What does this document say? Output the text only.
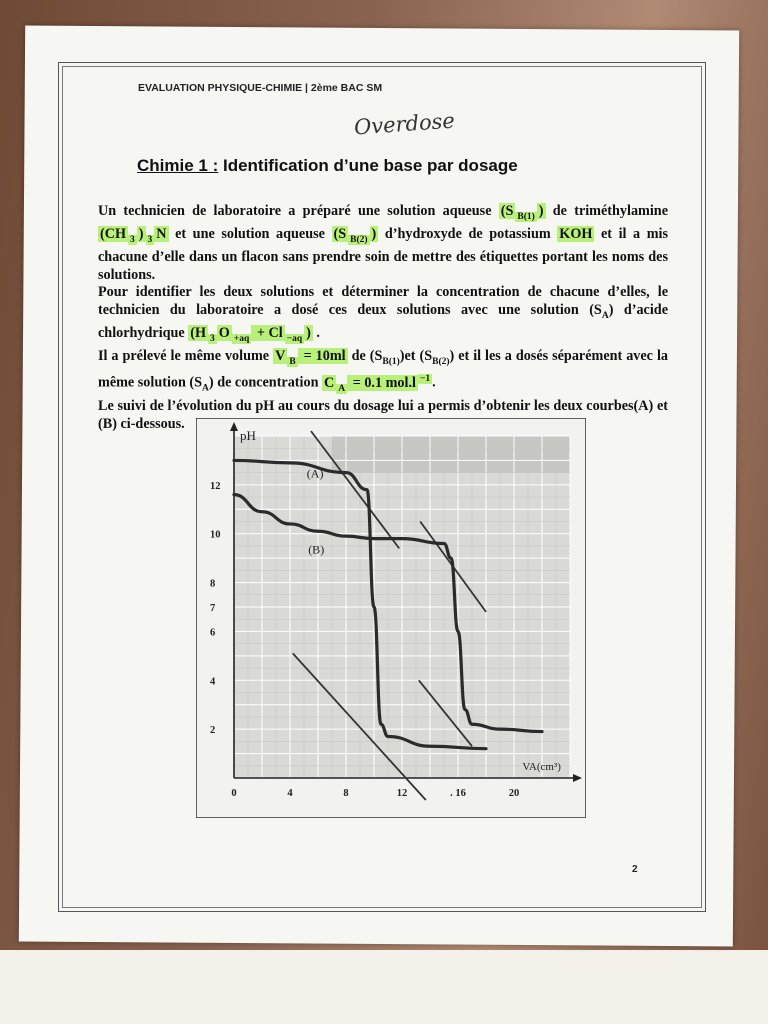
EVALUATION PHYSIQUE-CHIMIE | 2ème BAC SM
Overdose
Chimie 1 : Identification d’une base par dosage

Un technicien de laboratoire a préparé une solution aqueuse (S $_{B(1)}$ ) de triméthylamine (CH $_3$ ) $_3$ N et une solution aqueuse (S $_{B(2)}$ ) d’hydroxyde de potassium KOH et il a mis chacune d’elle dans un flacon sans prendre soin de mettre des étiquettes portant les noms des solutions.

Pour identifier les deux solutions et déterminer la concentration de chacune d’elles, le technicien du laboratoire a dosé ces deux solutions avec une solution $(S_A)$ d’acide chlorhydrique (H $_3$ O $_{+aq}$ + Cl $_{-aq}$ ) .

Il a prélevé le même volume V $_B$ = 10ml de $(S_{B(1)})et$ $(S_{B(2)})$ et il les a dosés séparément avec la même solution $(S_A)$ de concentration C $_A$ = 0.1 mol.l $^{-1}$ .

Le suivi de l’évolution du pH au cours du dosage lui a permis d’obtenir les deux courbes(A) et (B) ci-dessous.

pH
VA(cm³)
0	4	8	12	. 16	20
2
4
6
7
8
10
12
(A)
(B)
2
